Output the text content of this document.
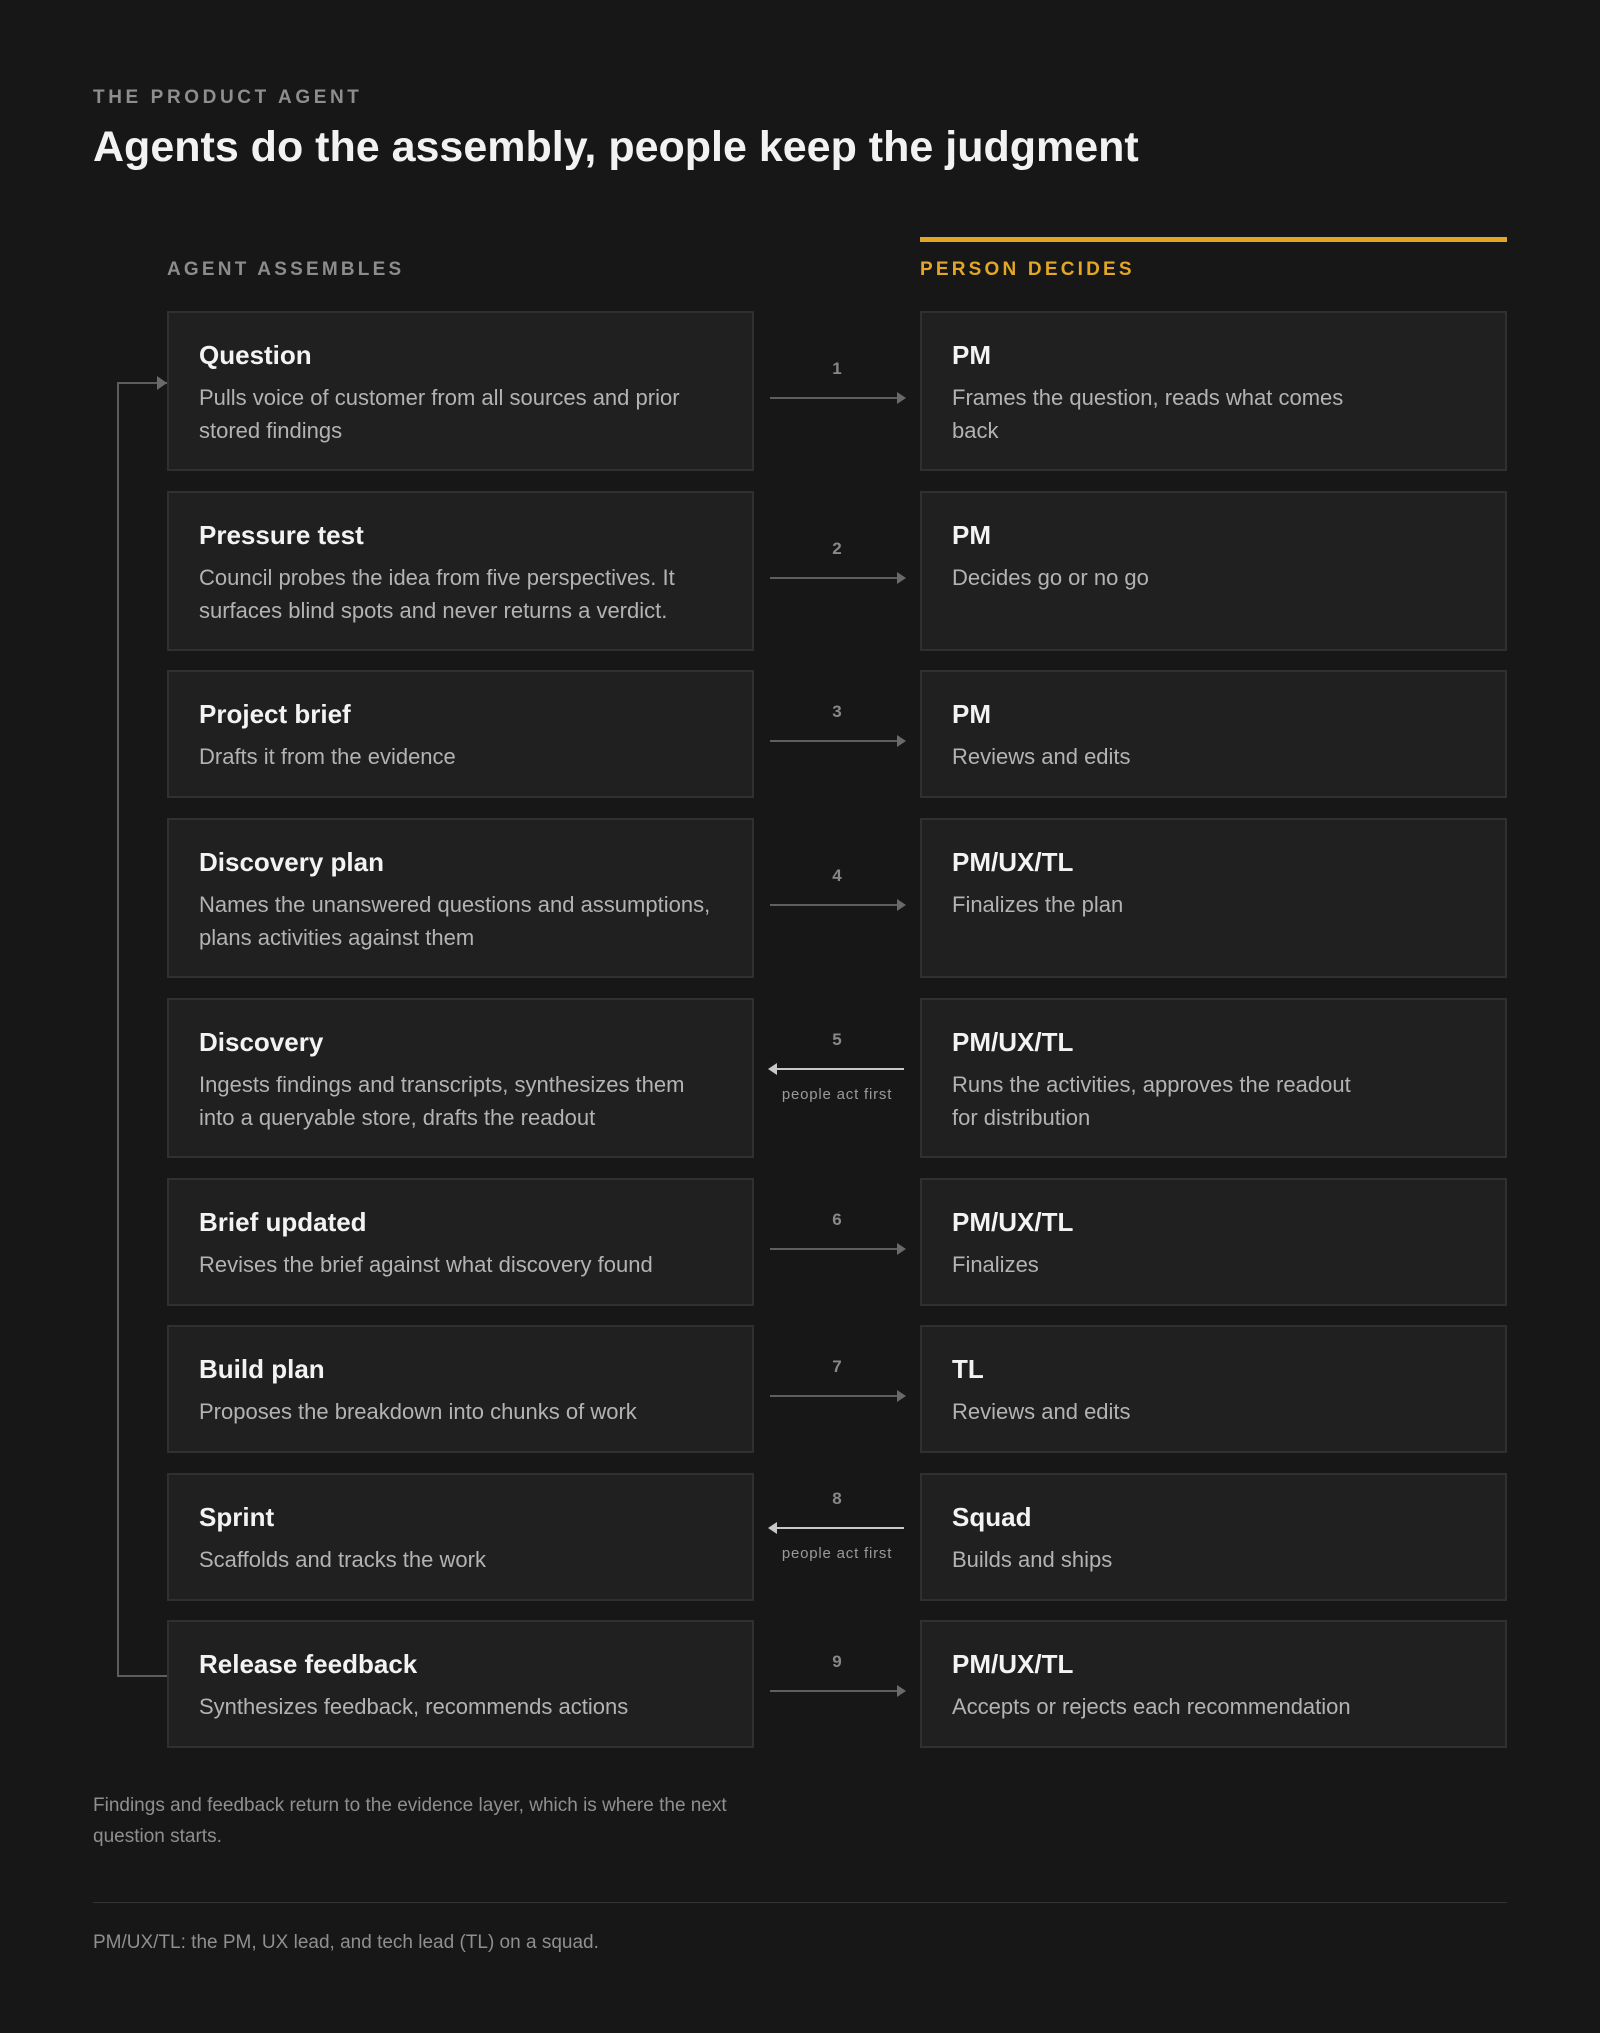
THE PRODUCT AGENT
Agents do the assembly, people keep the judgment
AGENT ASSEMBLES	PERSON DECIDES
Question
Pulls voice of customer from all sources and prior stored findings
1	PM
Frames the question, reads what comes back
Pressure test
Council probes the idea from five perspectives. It surfaces blind spots and never returns a verdict.
2	PM
Decides go or no go
Project brief
Drafts it from the evidence
3	PM
Reviews and edits
Discovery plan
Names the unanswered questions and assumptions, plans activities against them
4	PM/UX/TL
Finalizes the plan
Discovery
Ingests findings and transcripts, synthesizes them into a queryable store, drafts the readout
5
people act first
PM/UX/TL
Runs the activities, approves the readout for distribution
Brief updated
Revises the brief against what discovery found
6	PM/UX/TL
Finalizes
Build plan
Proposes the breakdown into chunks of work
7	TL
Reviews and edits
Sprint
Scaffolds and tracks the work
8
people act first
Squad
Builds and ships
Release feedback
Synthesizes feedback, recommends actions
9	PM/UX/TL
Accepts or rejects each recommendation
Findings and feedback return to the evidence layer, which is where the next question starts.
PM/UX/TL: the PM, UX lead, and tech lead (TL) on a squad.
